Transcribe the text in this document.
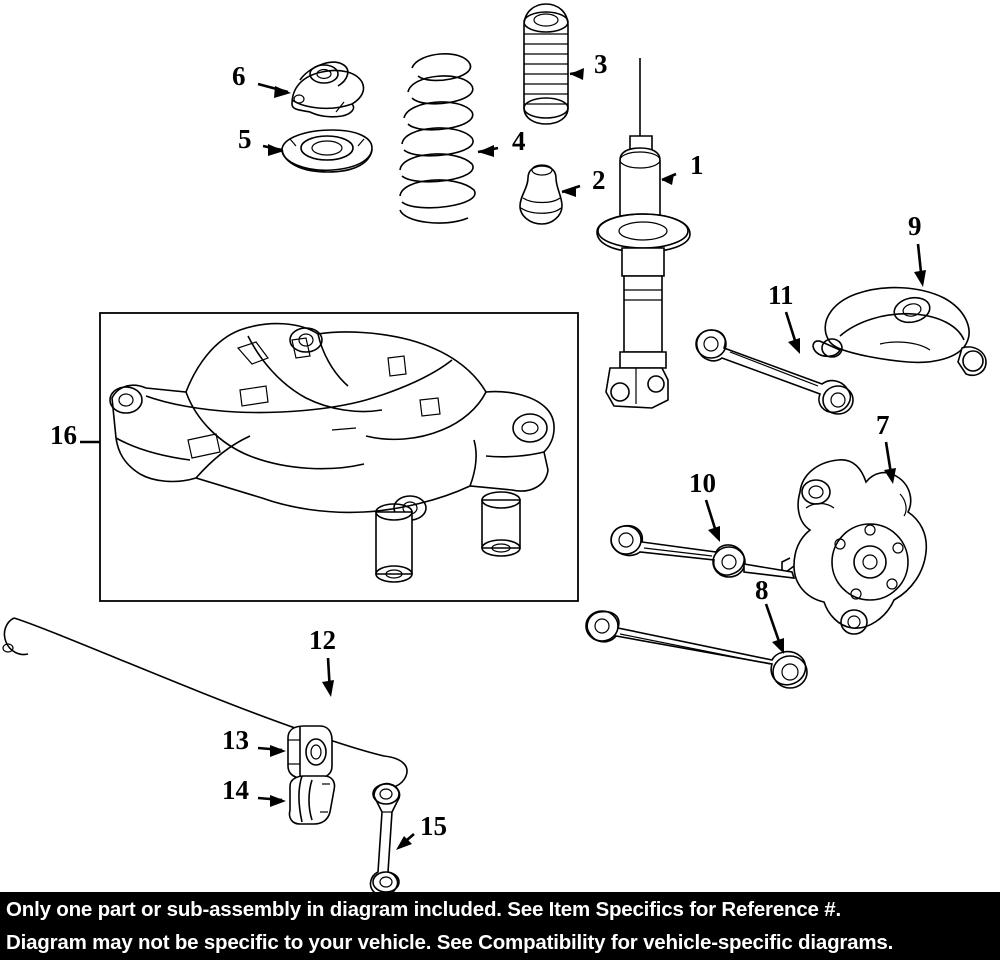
1
2
3
4
5
6
7
8
9
10
11
12
13
14
15
16
Only one part or sub-assembly in diagram included. See Item Specifics for Reference #.
Diagram may not be specific to your vehicle. See Compatibility for vehicle-specific diagrams.
